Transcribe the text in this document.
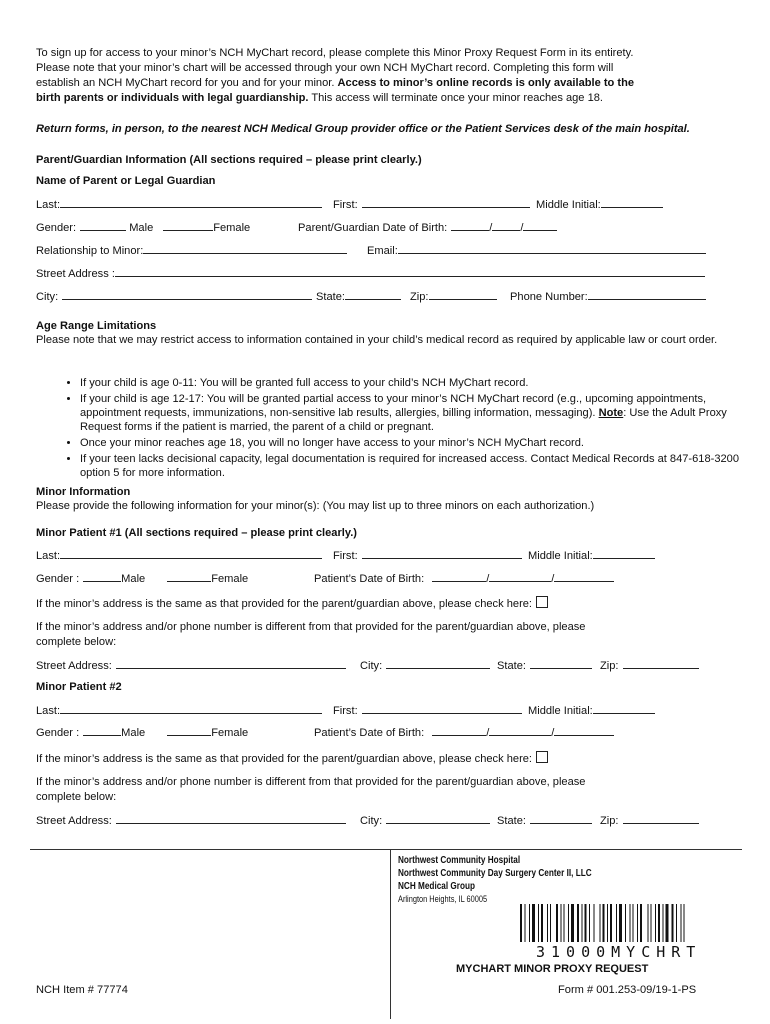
To sign up for access to your minor’s NCH MyChart record, please complete this Minor Proxy Request Form in its entirety.
Please note that your minor’s chart will be accessed through your own NCH MyChart record. Completing this form will
establish an NCH MyChart record for you and for your minor. Access to minor’s online records is only available to the
birth parents or individuals with legal guardianship. This access will terminate once your minor reaches age 18.
Return forms, in person, to the nearest NCH Medical Group provider office or the Patient Services desk of the main hospital.
Parent/Guardian Information (All sections required – please print clearly.)
Name of Parent or Legal Guardian
Last:	First:	Middle Initial:
Gender:	Male	Female	Parent/Guardian Date of Birth:	/	/
Relationship to Minor:	Email:
Street Address :
City:	State:	Zip:	Phone Number:
Age Range Limitations
Please note that we may restrict access to information contained in your child’s medical record as required by applicable law or court order.
• If your child is age 0-11: You will be granted full access to your child’s NCH MyChart record.
• If your child is age 12-17: You will be granted partial access to your minor’s NCH MyChart record (e.g., upcoming appointments, appointment requests, immunizations, non-sensitive lab results, allergies, billing information, messaging). Note: Use the Adult Proxy Request forms if the patient is married, the parent of a child or pregnant.
• Once your minor reaches age 18, you will no longer have access to your minor’s NCH MyChart record.
• If your teen lacks decisional capacity, legal documentation is required for increased access. Contact Medical Records at 847-618-3200 option 5 for more information.
Minor Information
Please provide the following information for your minor(s): (You may list up to three minors on each authorization.)
Minor Patient #1 (All sections required – please print clearly.)
Last:	First:	Middle Initial:
Gender :	Male	Female	Patient’s Date of Birth:	/	/
If the minor’s address is the same as that provided for the parent/guardian above, please check here:
If the minor’s address and/or phone number is different from that provided for the parent/guardian above, please
complete below:
Street Address:	City:	State:	Zip:
Minor Patient #2
Last:	First:	Middle Initial:
Gender :	Male	Female	Patient’s Date of Birth:	/	/
If the minor’s address is the same as that provided for the parent/guardian above, please check here:
If the minor’s address and/or phone number is different from that provided for the parent/guardian above, please
complete below:
Street Address:	City:	State:	Zip:
Northwest Community Hospital
Northwest Community Day Surgery Center II, LLC
NCH Medical Group
Arlington Heights, IL 60005
31000MYCHRT
MYCHART MINOR PROXY REQUEST
NCH Item # 77774	Form # 001.253-09/19-1-PS
